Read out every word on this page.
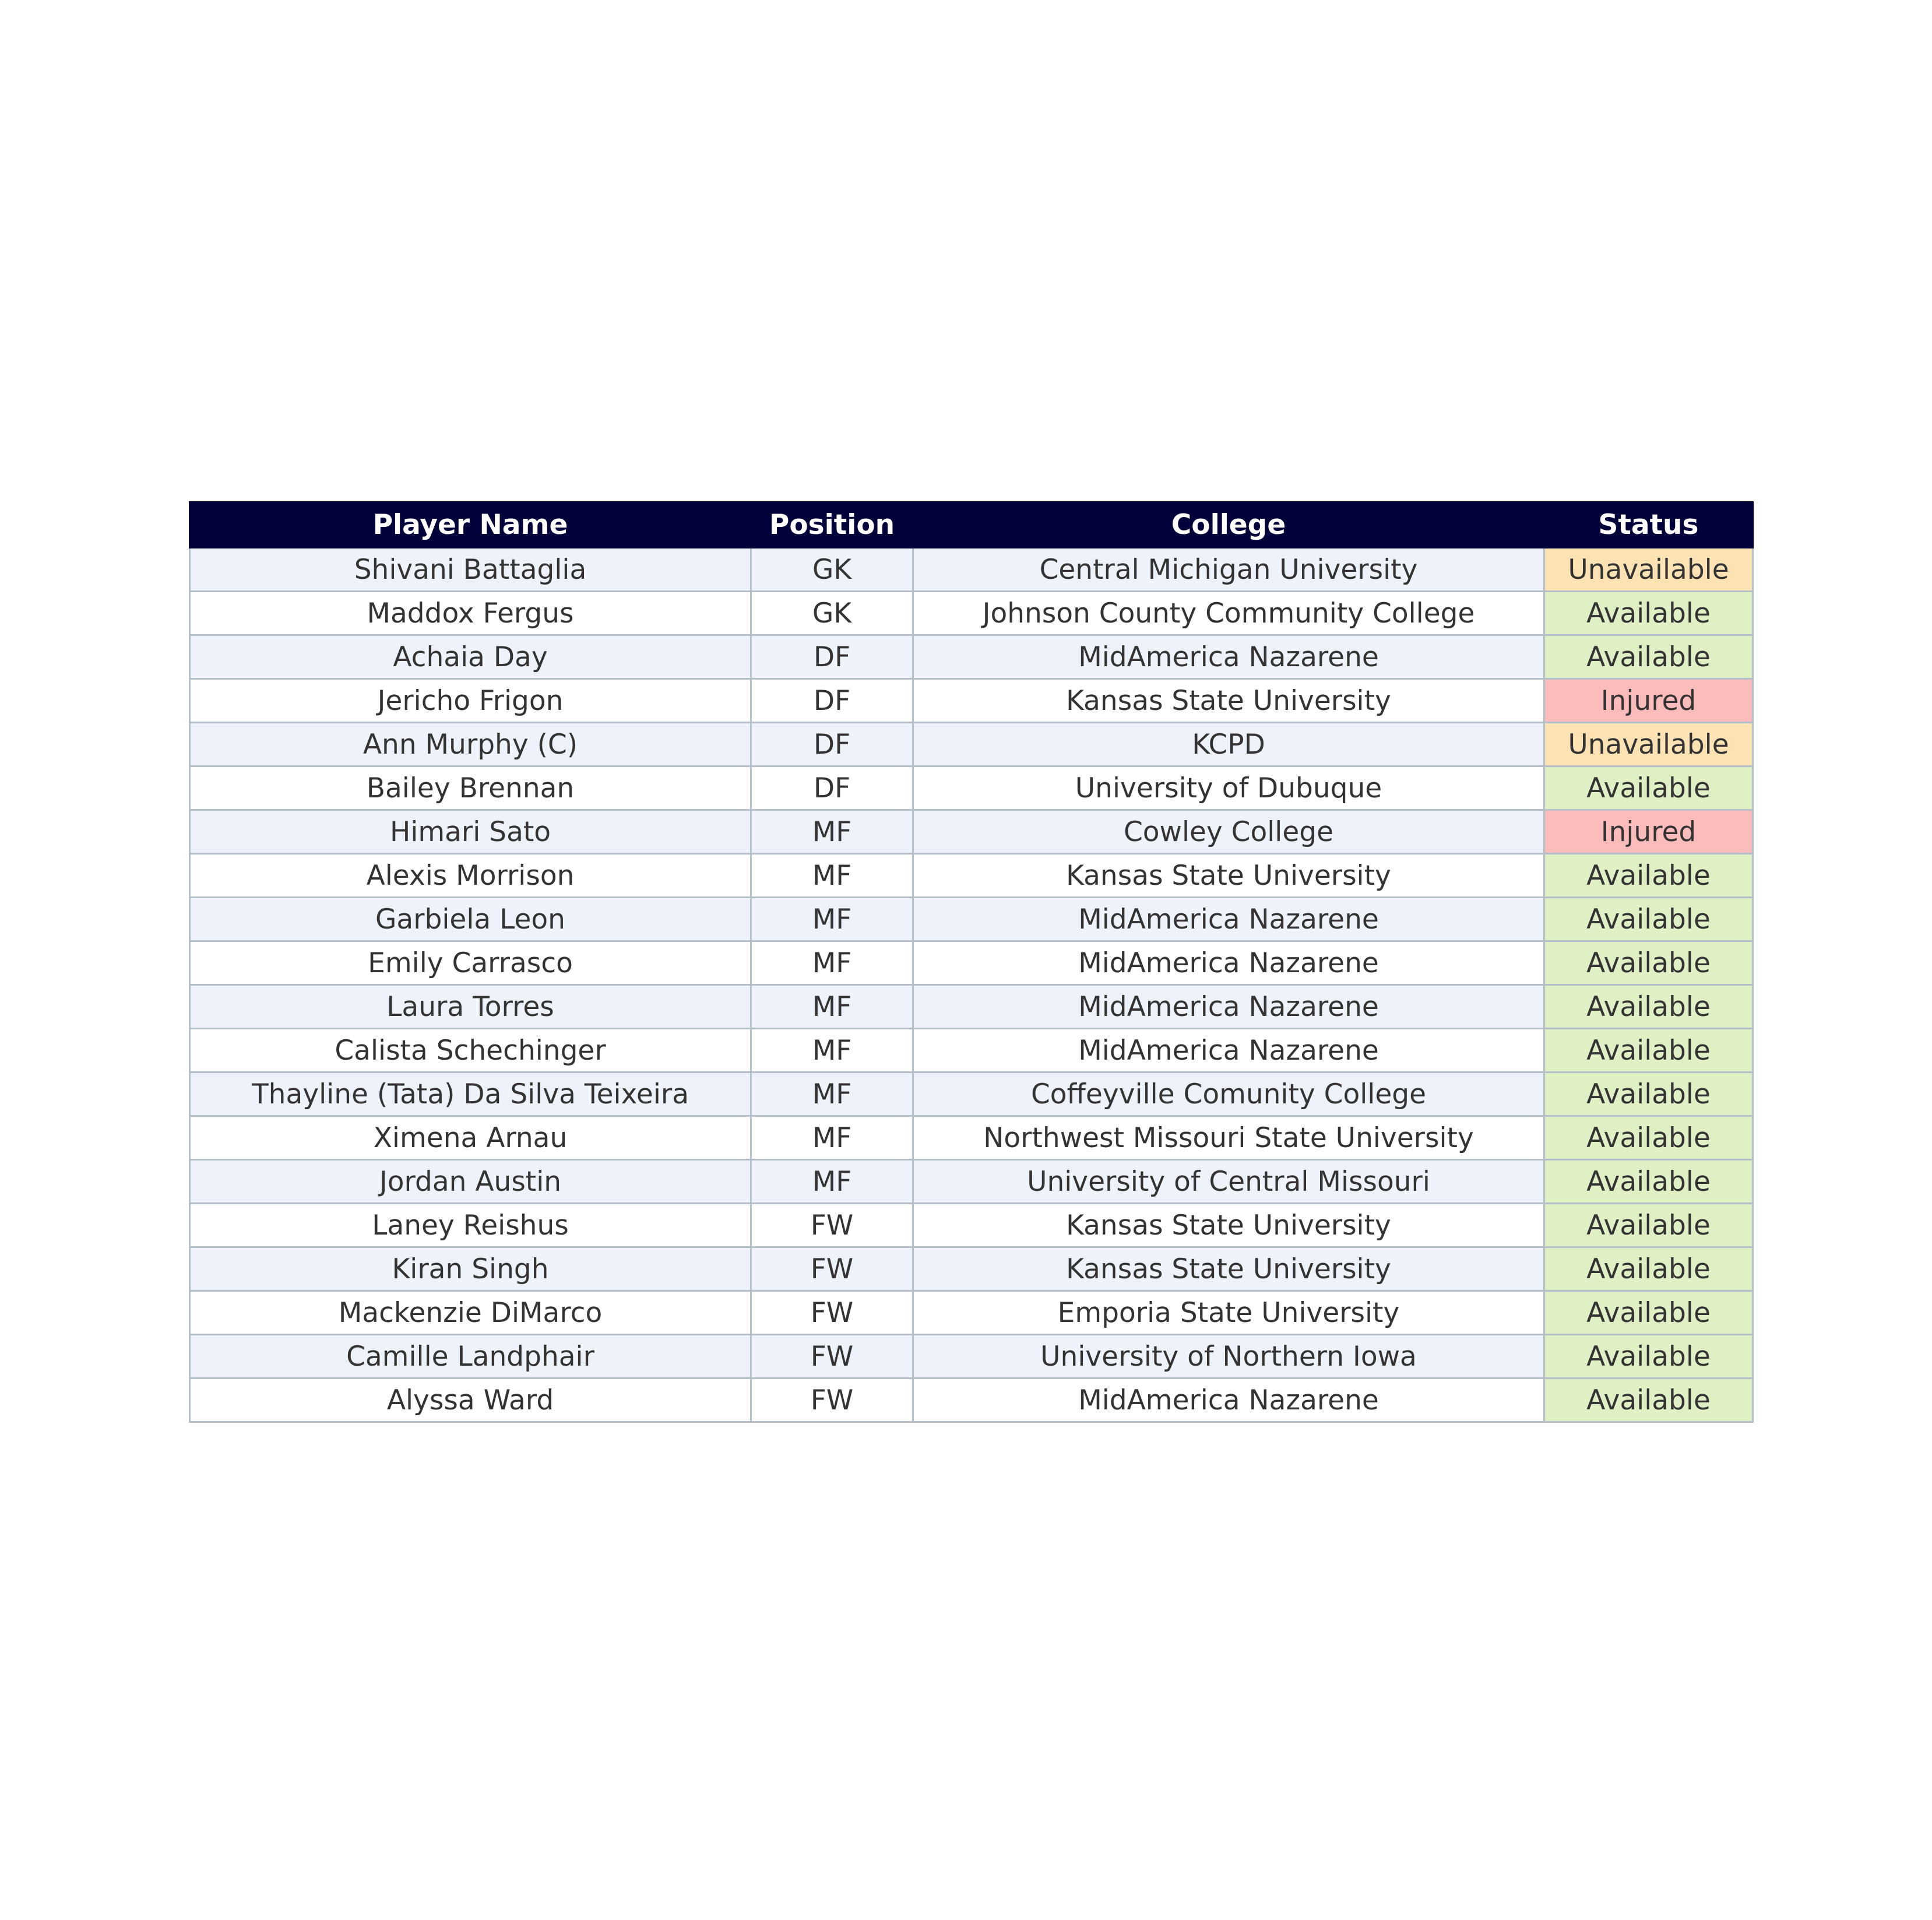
Player Name	Position	College	Status
Shivani Battaglia	GK	Central Michigan University	Unavailable
Maddox Fergus	GK	Johnson County Community College	Available
Achaia Day	DF	MidAmerica Nazarene	Available
Jericho Frigon	DF	Kansas State University	Injured
Ann Murphy (C)	DF	KCPD	Unavailable
Bailey Brennan	DF	University of Dubuque	Available
Himari Sato	MF	Cowley College	Injured
Alexis Morrison	MF	Kansas State University	Available
Garbiela Leon	MF	MidAmerica Nazarene	Available
Emily Carrasco	MF	MidAmerica Nazarene	Available
Laura Torres	MF	MidAmerica Nazarene	Available
Calista Schechinger	MF	MidAmerica Nazarene	Available
Thayline (Tata) Da Silva Teixeira	MF	Coffeyville Comunity College	Available
Ximena Arnau	MF	Northwest Missouri State University	Available
Jordan Austin	MF	University of Central Missouri	Available
Laney Reishus	FW	Kansas State University	Available
Kiran Singh	FW	Kansas State University	Available
Mackenzie DiMarco	FW	Emporia State University	Available
Camille Landphair	FW	University of Northern Iowa	Available
Alyssa Ward	FW	MidAmerica Nazarene	Available
